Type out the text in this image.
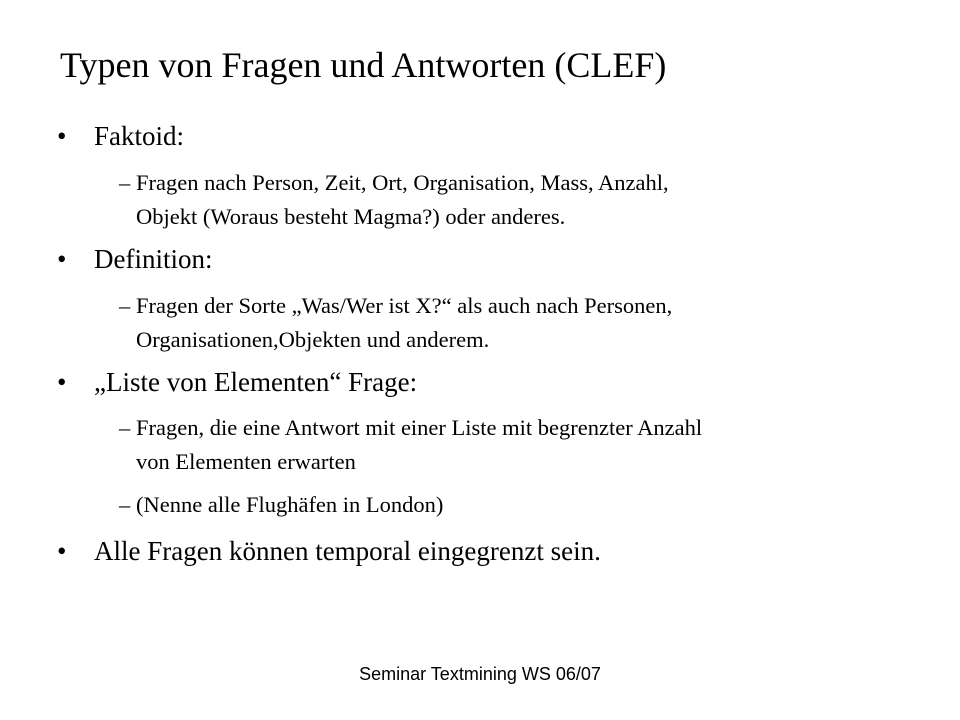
Typen von Fragen und Antworten (CLEF)
• Faktoid:
– Fragen nach Person, Zeit, Ort, Organisation, Mass, Anzahl,
Objekt (Woraus besteht Magma?) oder anderes.
• Definition:
– Fragen der Sorte „Was/Wer ist X?“ als auch nach Personen,
Organisationen,Objekten und anderem.
• „Liste von Elementen“ Frage:
– Fragen, die eine Antwort mit einer Liste mit begrenzter Anzahl
von Elementen erwarten
– (Nenne alle Flughäfen in London)
• Alle Fragen können temporal eingegrenzt sein.
Seminar Textmining WS 06/07
